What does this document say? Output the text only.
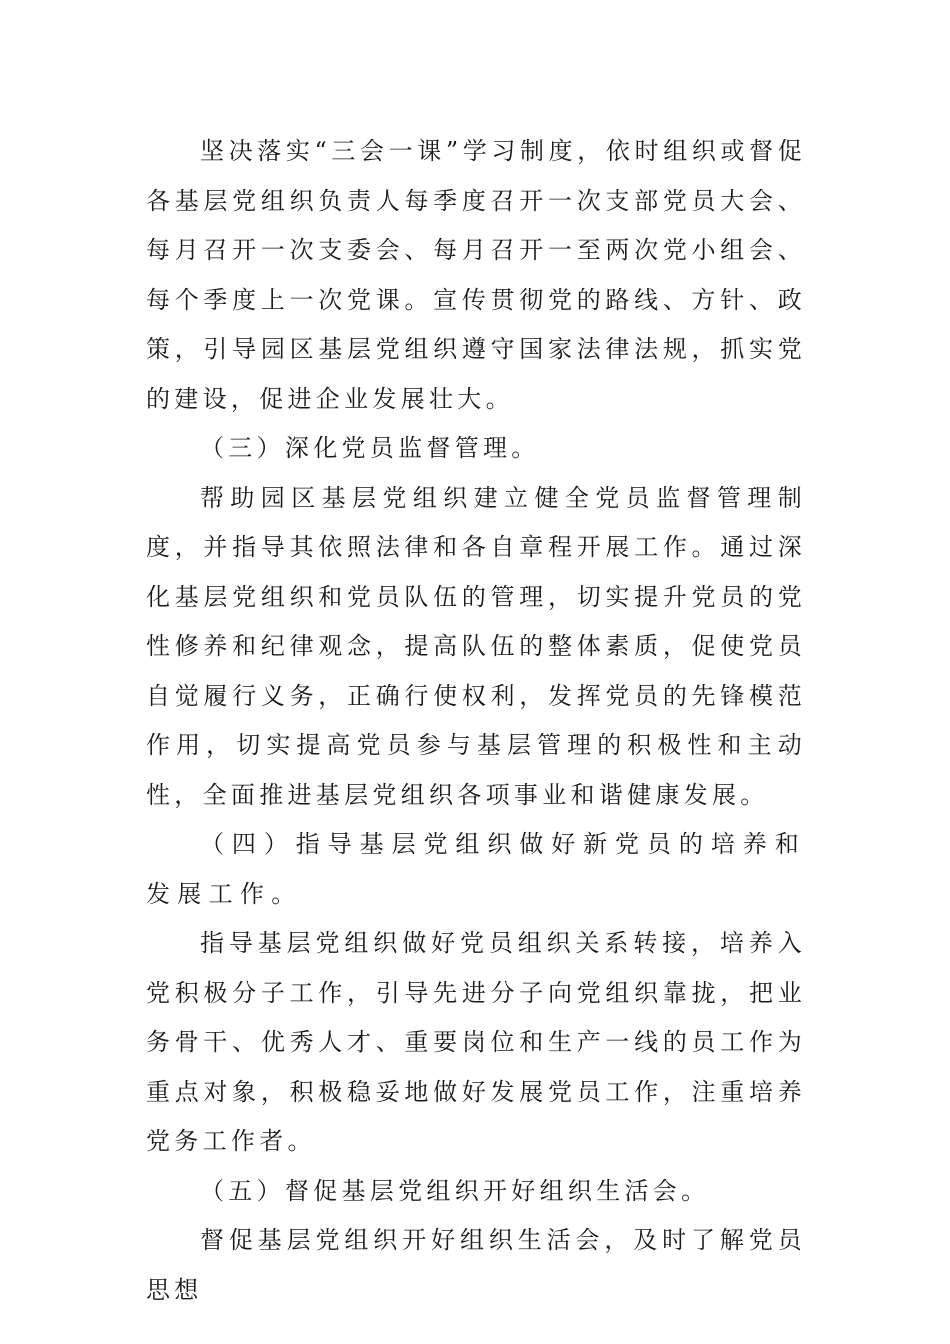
坚决落实“三会一课”学习制度，依时组织或督促各基层党组织负责人每季度召开一次支部党员大会、每月召开一次支委会、每月召开一至两次党小组会、每个季度上一次党课。宣传贯彻党的路线、方针、政策，引导园区基层党组织遵守国家法律法规，抓实党的建设，促进企业发展壮大。

（三）深化党员监督管理。

帮助园区基层党组织建立健全党员监督管理制度，并指导其依照法律和各自章程开展工作。通过深化基层党组织和党员队伍的管理，切实提升党员的党性修养和纪律观念，提高队伍的整体素质，促使党员自觉履行义务，正确行使权利，发挥党员的先锋模范作用，切实提高党员参与基层管理的积极性和主动性，全面推进基层党组织各项事业和谐健康发展。

（四）指导基层党组织做好新党员的培养和发展工作。

指导基层党组织做好党员组织关系转接，培养入党积极分子工作，引导先进分子向党组织靠拢，把业务骨干、优秀人才、重要岗位和生产一线的员工作为重点对象，积极稳妥地做好发展党员工作，注重培养党务工作者。

（五）督促基层党组织开好组织生活会。

督促基层党组织开好组织生活会，及时了解党员思想
